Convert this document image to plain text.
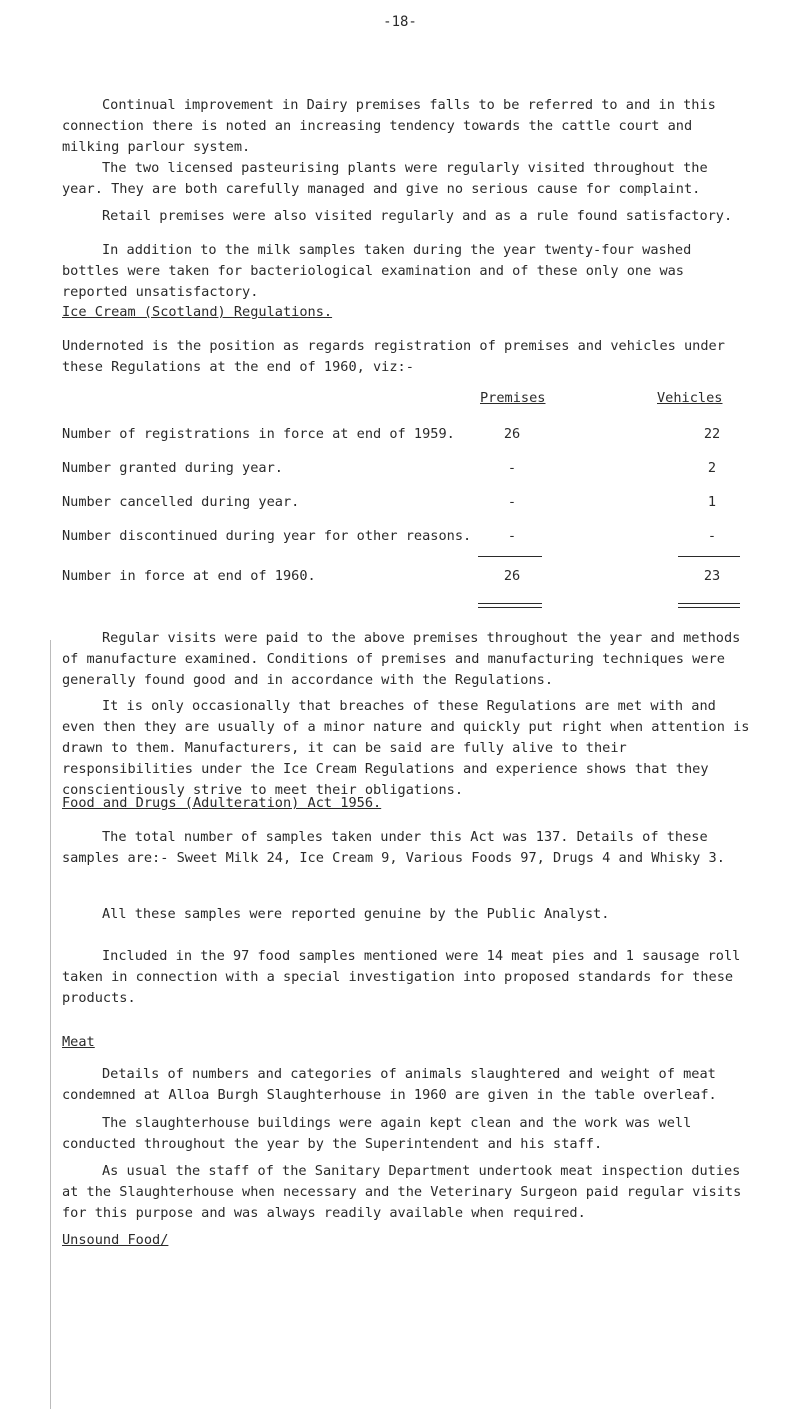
-18-

Continual improvement in Dairy premises falls to be referred to and in this connection there is noted an increasing tendency towards the cattle court and milking parlour system.

The two licensed pasteurising plants were regularly visited throughout the year. They are both carefully managed and give no serious cause for complaint.

Retail premises were also visited regularly and as a rule found satisfactory.

In addition to the milk samples taken during the year twenty-four washed bottles were taken for bacteriological examination and of these only one was reported unsatisfactory.

Ice Cream (Scotland) Regulations.

Undernoted is the position as regards registration of premises and vehicles under these Regulations at the end of 1960, viz:-

Premises	Vehicles
Number of registrations in force at end of 1959.	26	22
Number granted during year.	-	2
Number cancelled during year.	-	1
Number discontinued during year for other reasons.	-	-
Number in force at end of 1960.	26	23

Regular visits were paid to the above premises throughout the year and methods of manufacture examined. Conditions of premises and manufacturing techniques were generally found good and in accordance with the Regulations.

It is only occasionally that breaches of these Regulations are met with and even then they are usually of a minor nature and quickly put right when attention is drawn to them. Manufacturers, it can be said are fully alive to their responsibilities under the Ice Cream Regulations and experience shows that they conscientiously strive to meet their obligations.

Food and Drugs (Adulteration) Act 1956.

The total number of samples taken under this Act was 137. Details of these samples are:- Sweet Milk 24, Ice Cream 9, Various Foods 97, Drugs 4 and Whisky 3.

All these samples were reported genuine by the Public Analyst.

Included in the 97 food samples mentioned were 14 meat pies and 1 sausage roll taken in connection with a special investigation into proposed standards for these products.

Meat

Details of numbers and categories of animals slaughtered and weight of meat condemned at Alloa Burgh Slaughterhouse in 1960 are given in the table overleaf.

The slaughterhouse buildings were again kept clean and the work was well conducted throughout the year by the Superintendent and his staff.

As usual the staff of the Sanitary Department undertook meat inspection duties at the Slaughterhouse when necessary and the Veterinary Surgeon paid regular visits for this purpose and was always readily available when required.

Unsound Food/
